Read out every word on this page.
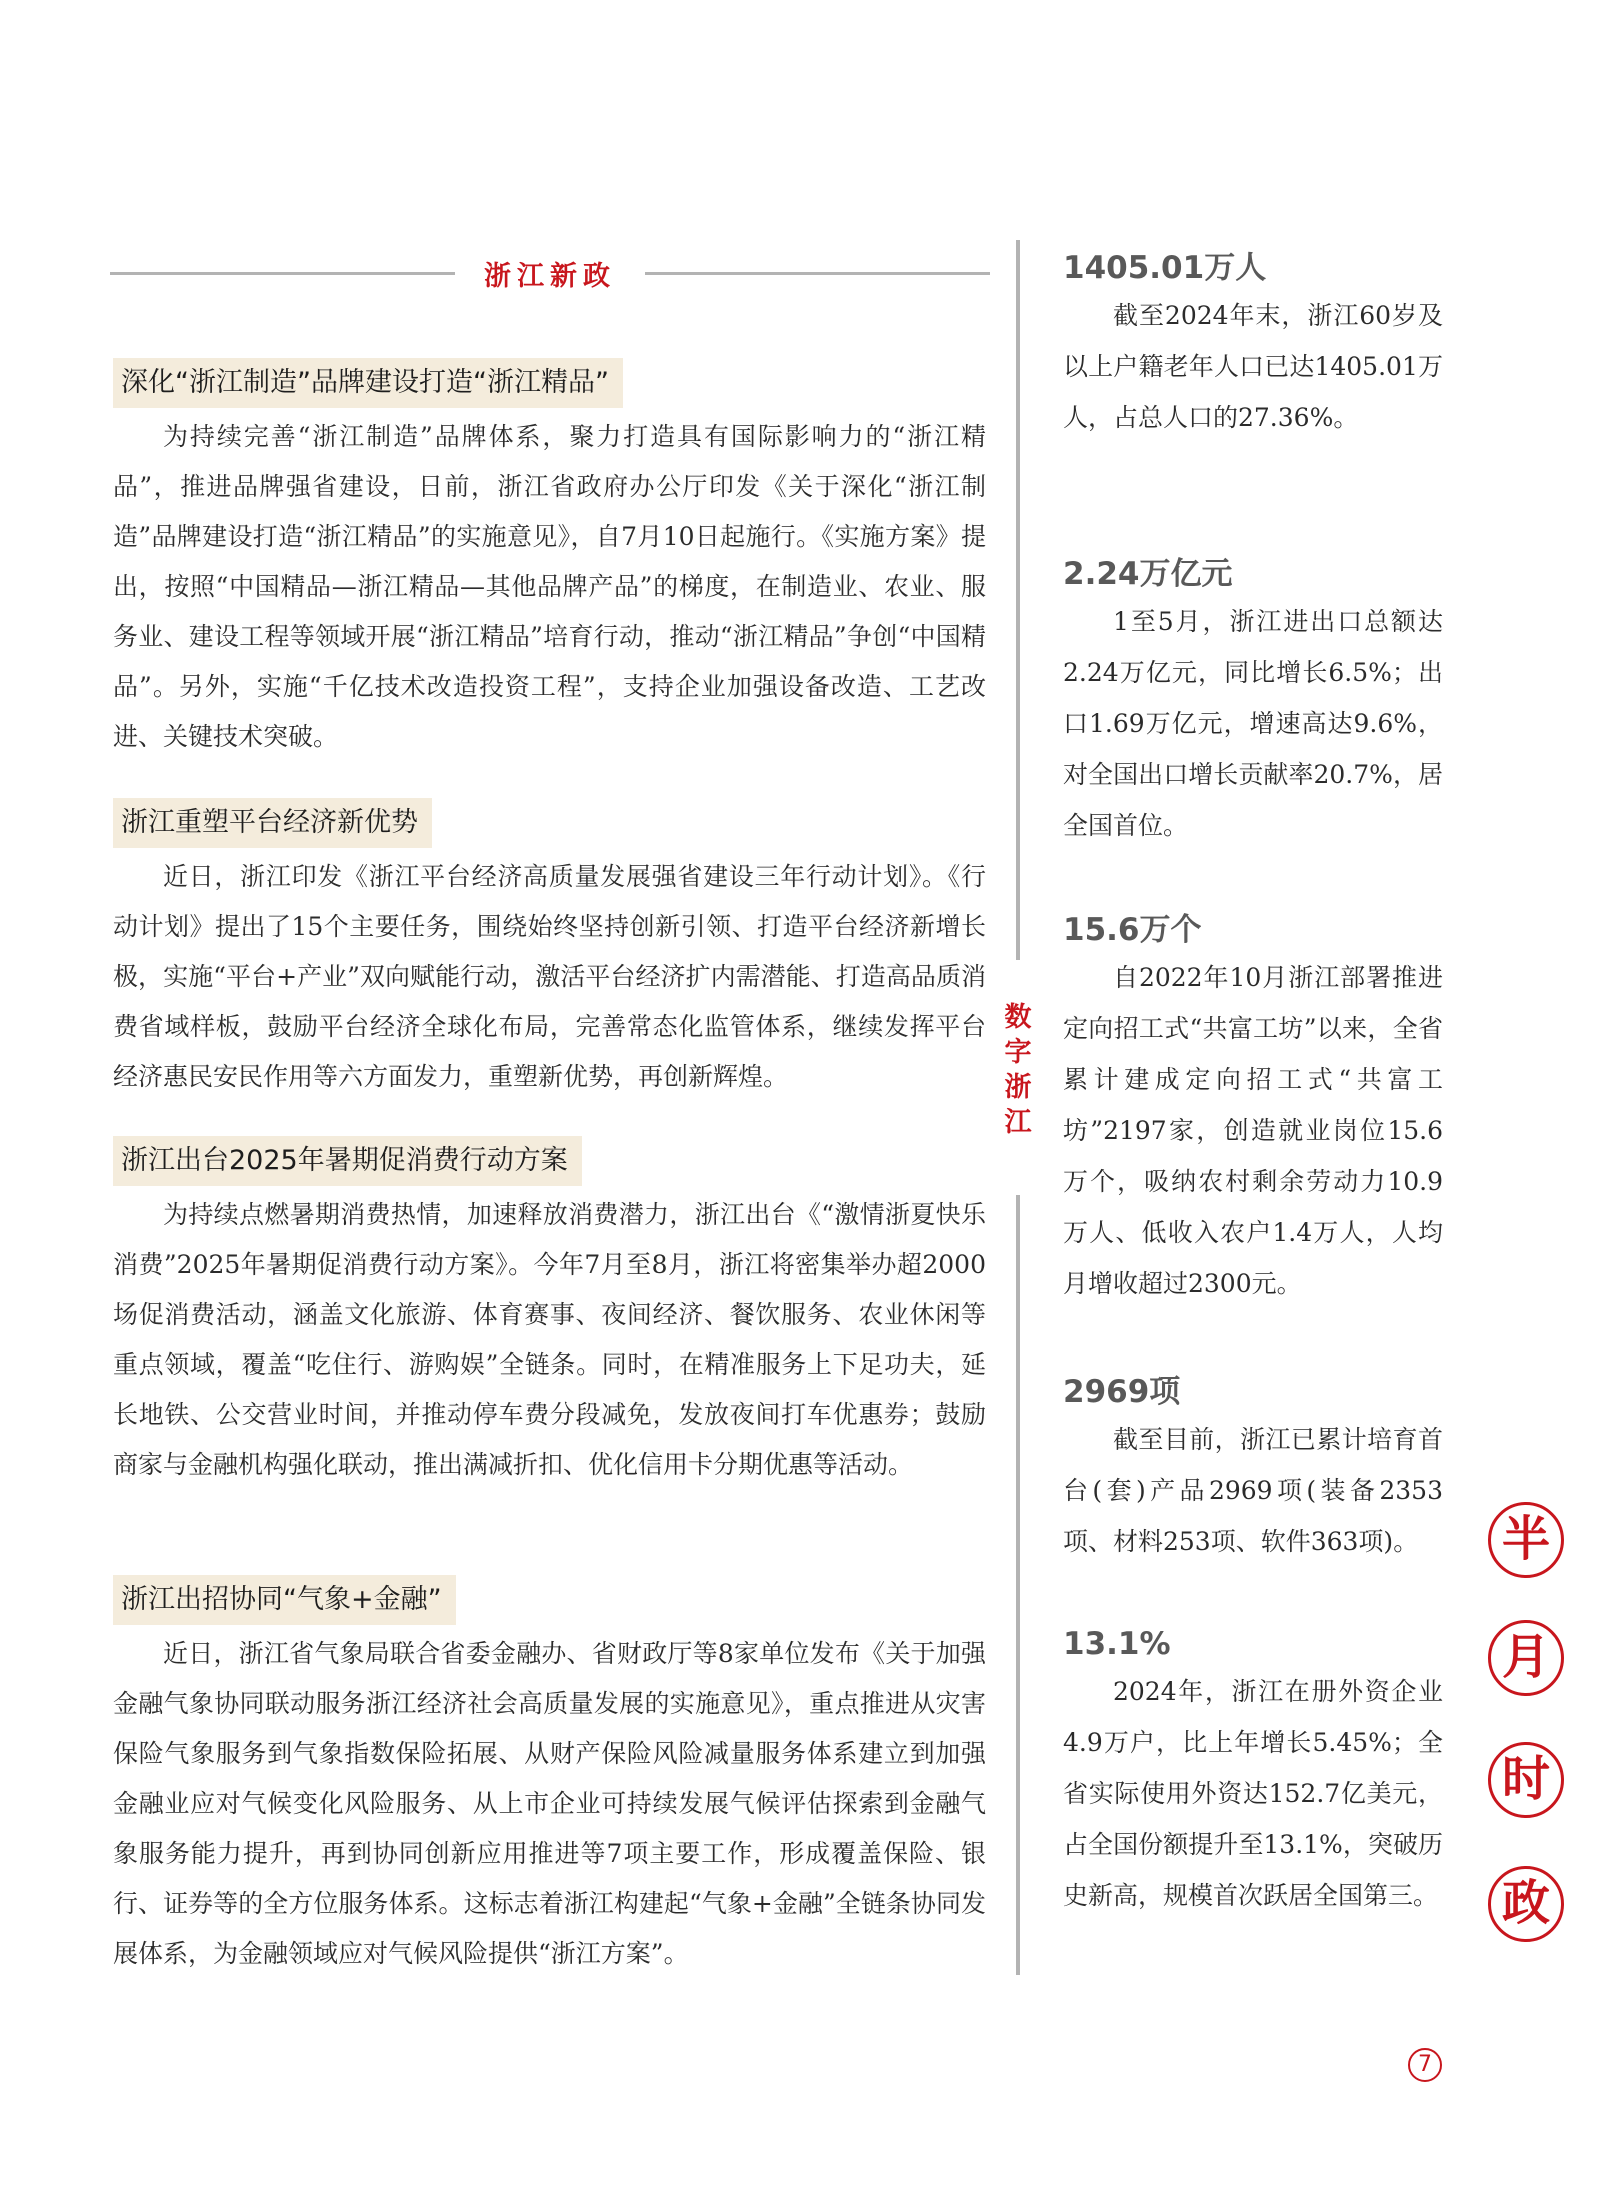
浙江新政
深化“浙江制造”品牌建设打造“浙江精品”

为持续完善“浙江制造”品牌体系，聚力打造具有国际影响力的“浙江精品”，推进品牌强省建设，日前，浙江省政府办公厅印发《关于深化“浙江制造”品牌建设打造“浙江精品”的实施意见》，自7月10日起施行。《实施方案》提出，按照“中国精品—浙江精品—其他品牌产品”的梯度，在制造业、农业、服务业、建设工程等领域开展“浙江精品”培育行动，推动“浙江精品”争创“中国精品”。另外，实施“千亿技术改造投资工程”，支持企业加强设备改造、工艺改进、关键技术突破。

浙江重塑平台经济新优势

近日，浙江印发《浙江平台经济高质量发展强省建设三年行动计划》。《行动计划》提出了15个主要任务，围绕始终坚持创新引领、打造平台经济新增长极，实施“平台+产业”双向赋能行动，激活平台经济扩内需潜能、打造高品质消费省域样板，鼓励平台经济全球化布局，完善常态化监管体系，继续发挥平台经济惠民安民作用等六方面发力，重塑新优势，再创新辉煌。

浙江出台2025年暑期促消费行动方案

为持续点燃暑期消费热情，加速释放消费潜力，浙江出台《“激情浙夏快乐消费”2025年暑期促消费行动方案》。今年7月至8月，浙江将密集举办超2000场促消费活动，涵盖文化旅游、体育赛事、夜间经济、餐饮服务、农业休闲等重点领域，覆盖“吃住行、游购娱”全链条。同时，在精准服务上下足功夫，延长地铁、公交营业时间，并推动停车费分段减免，发放夜间打车优惠券；鼓励商家与金融机构强化联动，推出满减折扣、优化信用卡分期优惠等活动。

浙江出招协同“气象+金融”

近日，浙江省气象局联合省委金融办、省财政厅等8家单位发布《关于加强金融气象协同联动服务浙江经济社会高质量发展的实施意见》，重点推进从灾害保险气象服务到气象指数保险拓展、从财产保险风险减量服务体系建立到加强金融业应对气候变化风险服务、从上市企业可持续发展气候评估探索到金融气象服务能力提升，再到协同创新应用推进等7项主要工作，形成覆盖保险、银行、证券等的全方位服务体系。这标志着浙江构建起“气象+金融”全链条协同发展体系，为金融领域应对气候风险提供“浙江方案”。

数
字
浙
江
1405.01万人

截至2024年末，浙江60岁及以上户籍老年人口已达1405.01万人，占总人口的27.36%。

2.24万亿元

1至5月，浙江进出口总额达2.24万亿元，同比增长6.5%；出口1.69万亿元，增速高达9.6%，对全国出口增长贡献率20.7%，居全国首位。

15.6万个

自2022年10月浙江部署推进定向招工式“共富工坊”以来，全省累计建成定向招工式“共富工坊”2197家，创造就业岗位15.6万个，吸纳农村剩余劳动力10.9万人、低收入农户1.4万人，人均月增收超过2300元。

2969项

截至目前，浙江已累计培育首台(套)产品2969项(装备2353项、材料253项、软件363项)。

13.1%

2024年，浙江在册外资企业4.9万户，比上年增长5.45%；全省实际使用外资达152.7亿美元，占全国份额提升至13.1%，突破历史新高，规模首次跃居全国第三。

半
月
时
政
7
